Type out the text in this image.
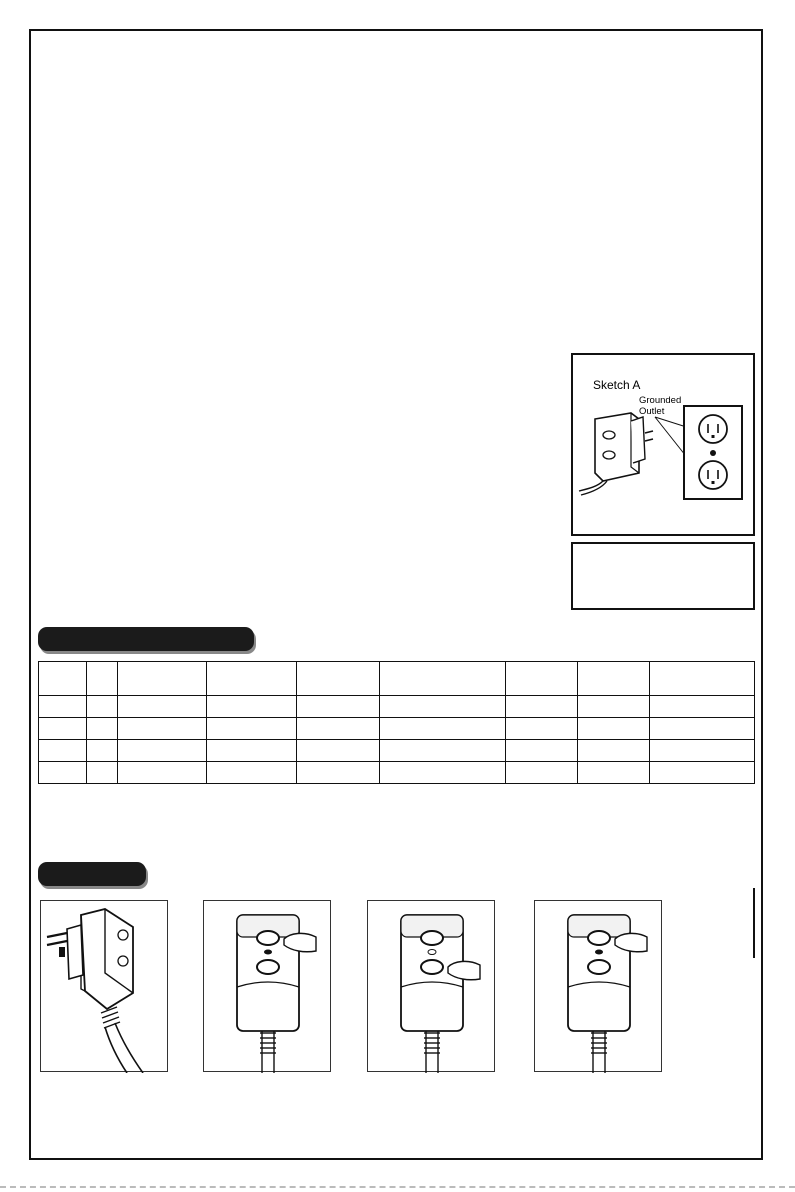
Sketch A
Grounded
Outlet
